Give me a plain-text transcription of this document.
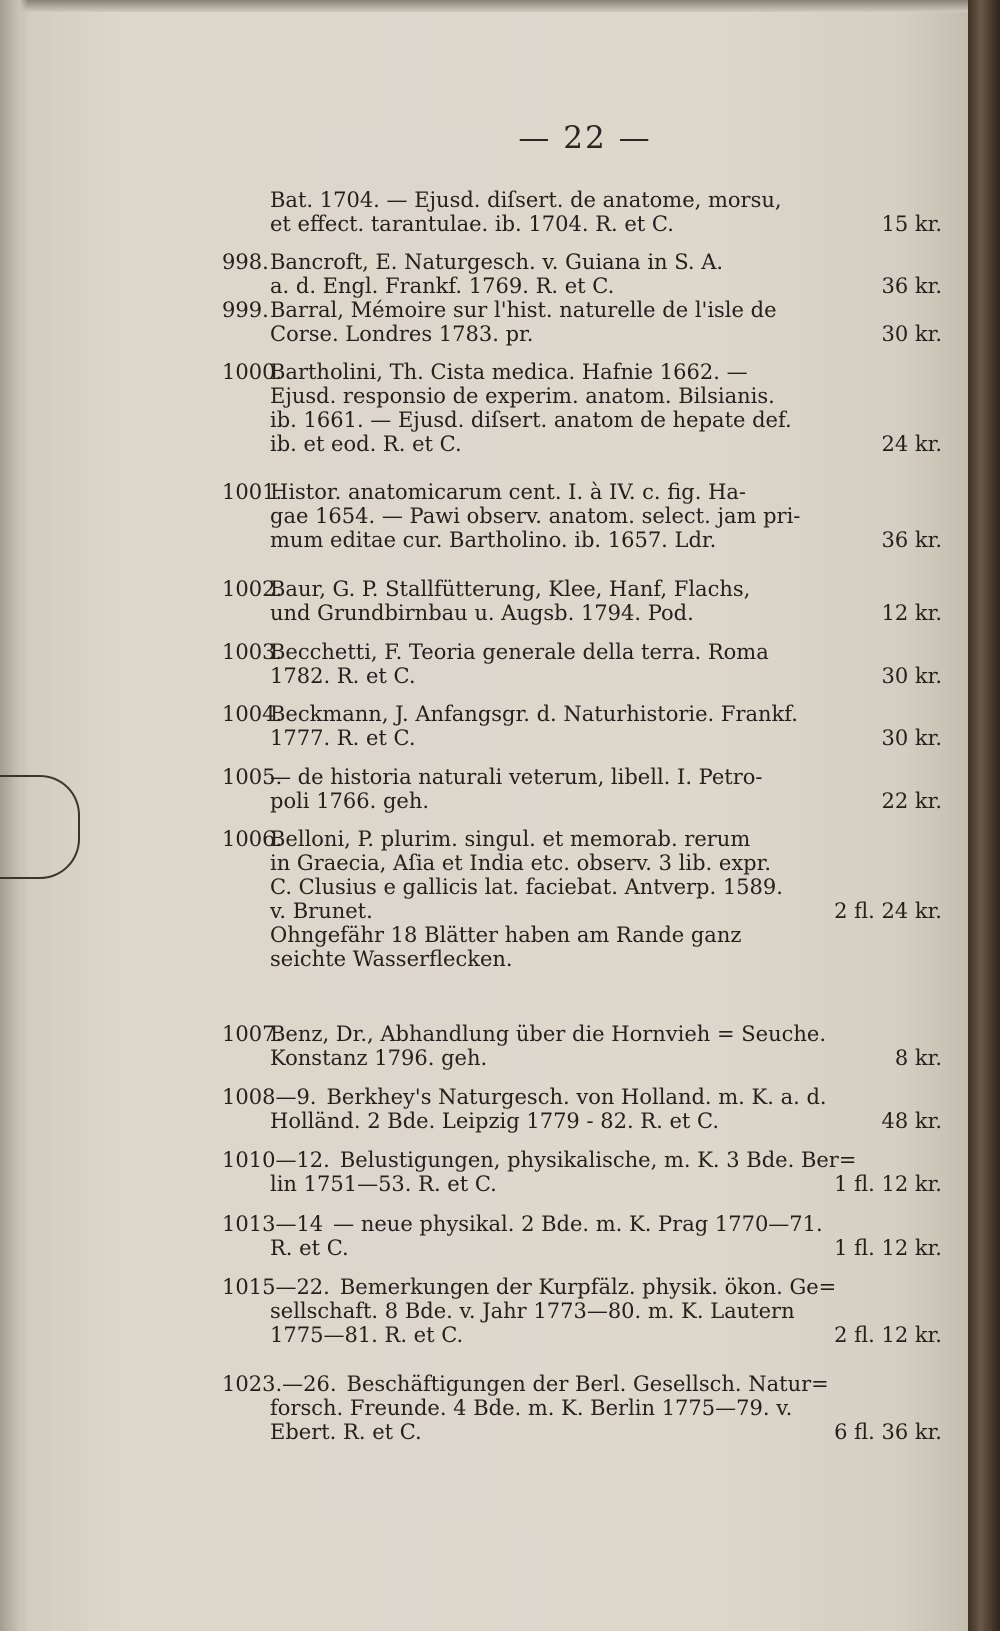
— 22 —
Bat. 1704. — Ejusd. diſsert. de anatome, morsu,
et effect. tarantulae. ib. 1704. R. et C.	15 kr.
998.Bancroft, E. Naturgesch. v. Guiana in S. A.
a. d. Engl. Frankf. 1769. R. et C.	36 kr.
999.Barral, Mémoire sur l'hist. naturelle de l'isle de
Corse. Londres 1783. pr.	30 kr.
1000.Bartholini, Th. Cista medica. Hafnie 1662. —
Ejusd. responsio de experim. anatom. Bilsianis.
ib. 1661. — Ejusd. diſsert. anatom de hepate def.
ib. et eod. R. et C.	24 kr.
1001.Histor. anatomicarum cent. I. à IV. c. fig. Ha-
gae 1654. — Pawi observ. anatom. select. jam pri-
mum editae cur. Bartholino. ib. 1657. Ldr.	36 kr.
1002.Baur, G. P. Stallfütterung, Klee, Hanf, Flachs,
und Grundbirnbau u. Augsb. 1794. Pod.	12 kr.
1003.Becchetti, F. Teoria generale della terra. Roma
1782. R. et C.	30 kr.
1004.Beckmann, J. Anfangsgr. d. Naturhistorie. Frankf.
1777. R. et C.	30 kr.
1005.— de historia naturali veterum, libell. I. Petro-
poli 1766. geh.	22 kr.
1006.Belloni, P. plurim. singul. et memorab. rerum
in Graecia, Aſia et India etc. observ. 3 lib. expr.
C. Clusius e gallicis lat. faciebat. Antverp. 1589.
v. Brunet.	2 fl. 24 kr.
Ohngefähr 18 Blätter haben am Rande ganz
seichte Wasserflecken.
1007.Benz, Dr., Abhandlung über die Hornvieh = Seuche.
Konstanz 1796. geh.	8 kr.
1008—9. Berkhey's Naturgesch. von Holland. m. K. a. d.
Holländ. 2 Bde. Leipzig 1779 - 82. R. et C.	48 kr.
1010—12. Belustigungen, physikalische, m. K. 3 Bde. Ber=
lin 1751—53. R. et C.	1 fl. 12 kr.
1013—14 — neue physikal. 2 Bde. m. K. Prag 1770—71.
R. et C.	1 fl. 12 kr.
1015—22. Bemerkungen der Kurpfälz. physik. ökon. Ge=
sellschaft. 8 Bde. v. Jahr 1773—80. m. K. Lautern
1775—81. R. et C.	2 fl. 12 kr.
1023.—26. Beschäftigungen der Berl. Gesellsch. Natur=
forsch. Freunde. 4 Bde. m. K. Berlin 1775—79. v.
Ebert. R. et C.	6 fl. 36 kr.
